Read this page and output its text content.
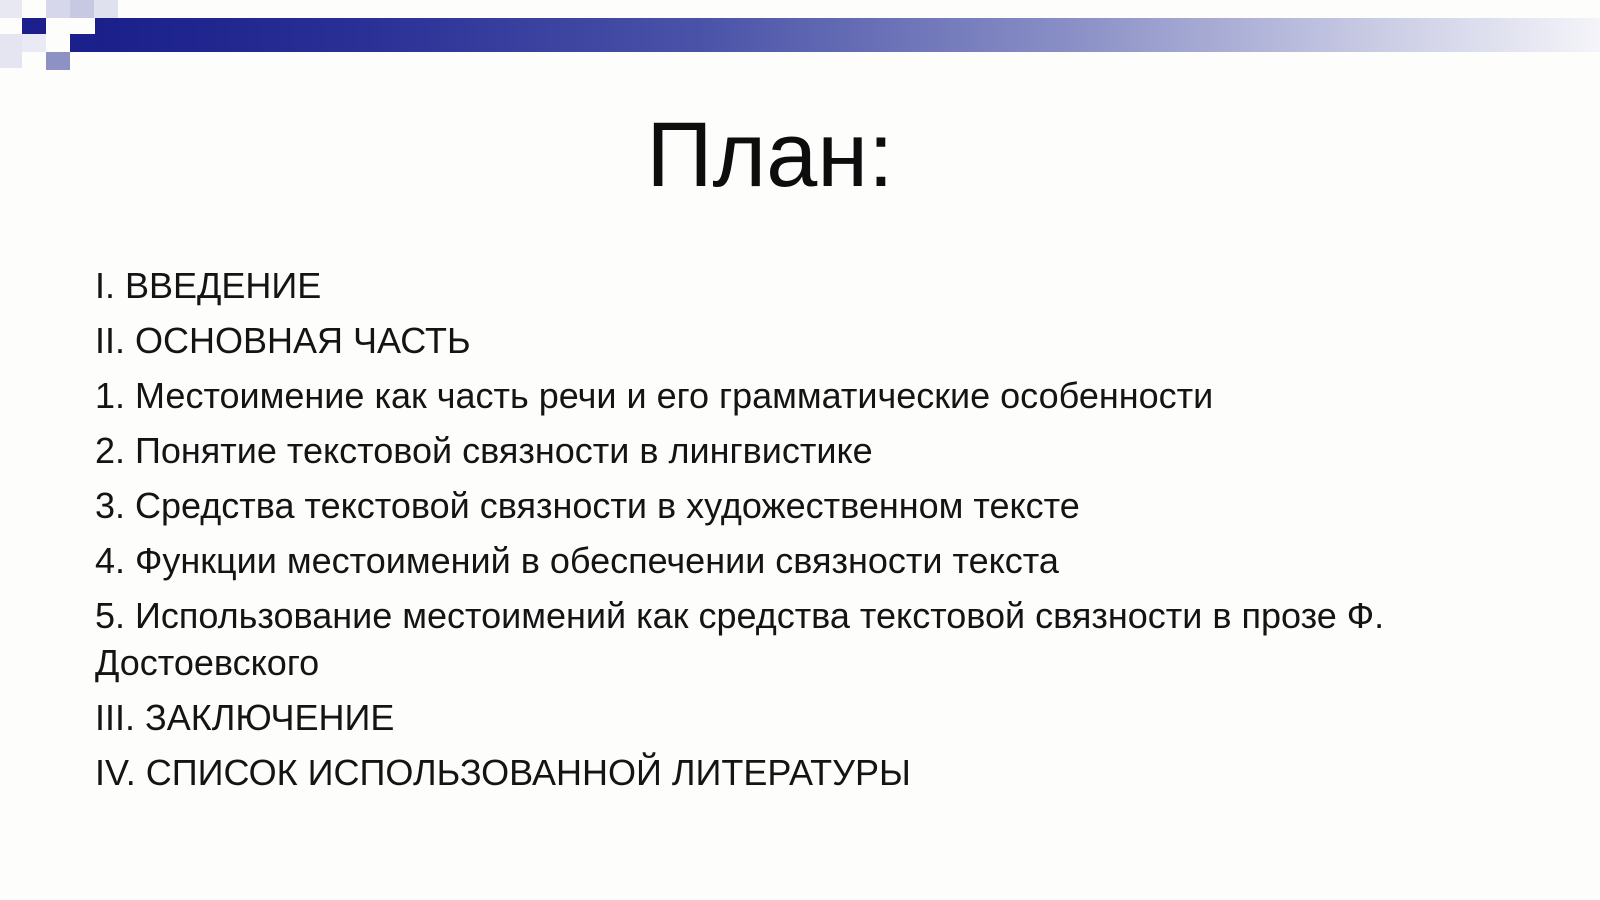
План:
I. ВВЕДЕНИЕ
II. ОСНОВНАЯ ЧАСТЬ
1. Местоимение как часть речи и его грамматические особенности
2. Понятие текстовой связности в лингвистике
3. Средства текстовой связности в художественном тексте
4. Функции местоимений в обеспечении связности текста
5. Использование местоимений как средства текстовой связности в прозе Ф. Достоевского
III. ЗАКЛЮЧЕНИЕ
IV. СПИСОК ИСПОЛЬЗОВАННОЙ ЛИТЕРАТУРЫ
